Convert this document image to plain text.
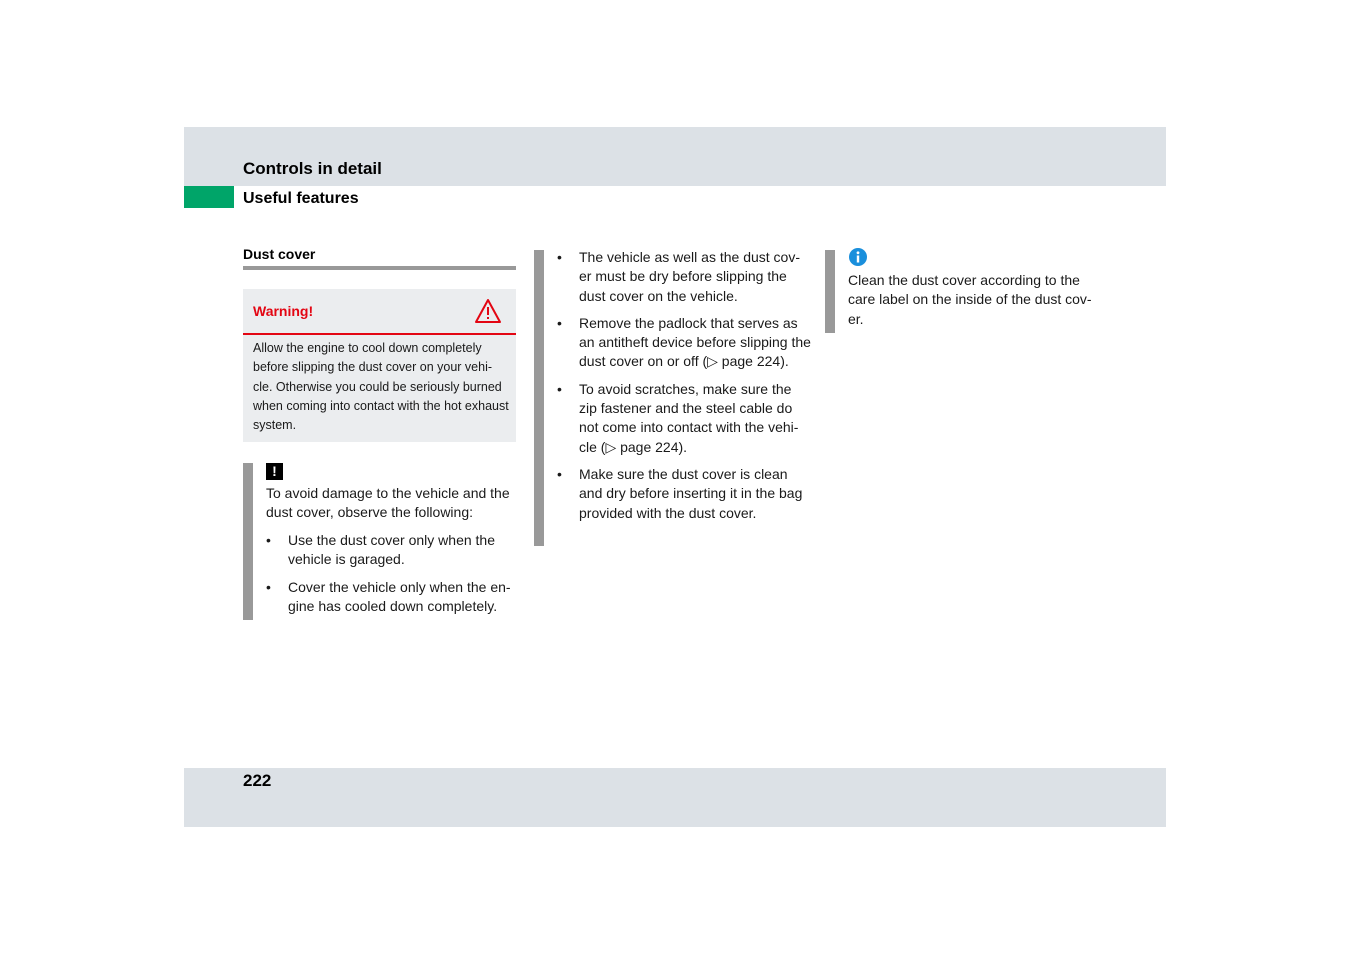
Controls in detail
Useful features
Dust cover
Warning!
Allow the engine to cool down completely before slipping the dust cover on your vehi-cle. Otherwise you could be seriously burned when coming into contact with the hot exhaust system.
!
To avoid damage to the vehicle and the dust cover, observe the following:
• Use the dust cover only when the vehicle is garaged.
• Cover the vehicle only when the en-gine has cooled down completely.
• The vehicle as well as the dust cov-er must be dry before slipping the dust cover on the vehicle.
• Remove the padlock that serves as an antitheft device before slipping the dust cover on or off (▷ page 224).
• To avoid scratches, make sure the zip fastener and the steel cable do not come into contact with the vehi-cle (▷ page 224).
• Make sure the dust cover is clean and dry before inserting it in the bag provided with the dust cover.
Clean the dust cover according to the care label on the inside of the dust cov-er.
222
